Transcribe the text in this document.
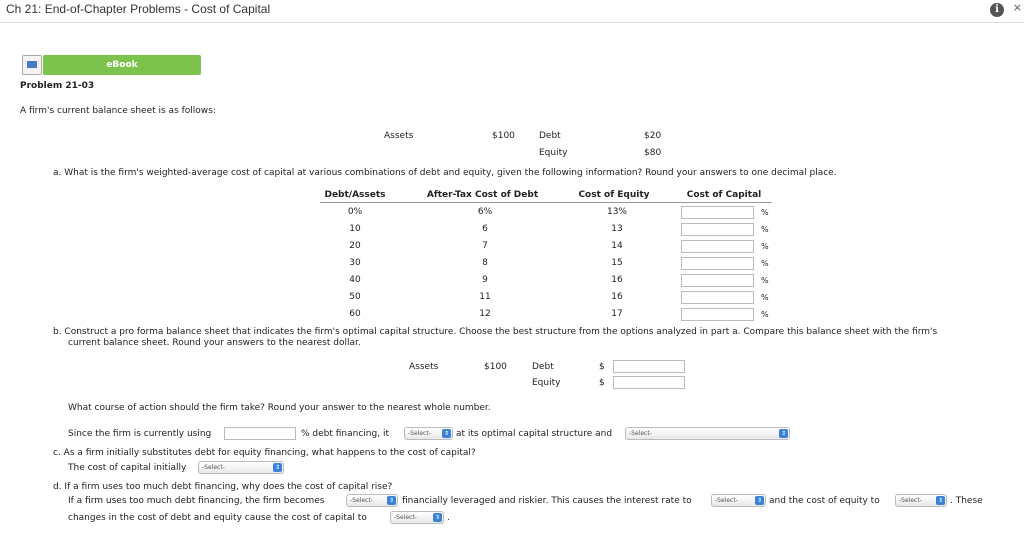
Ch 21: End-of-Chapter Problems - Cost of Capital	i	×
eBook
Problem 21-03
A firm's current balance sheet is as follows:
Assets	$100	Debt	$20
Equity	$80
a. What is the firm's weighted-average cost of capital at various combinations of debt and equity, given the following information? Round your answers to one decimal place.
Debt/Assets	After-Tax Cost of Debt	Cost of Equity	Cost of Capital
0%	6%	13%	%
10	6	13	%
20	7	14	%
30	8	15	%
40	9	16	%
50	11	16	%
60	12	17	%
b. Construct a pro forma balance sheet that indicates the firm's optimal capital structure. Choose the best structure from the options analyzed in part a. Compare this balance sheet with the firm's
current balance sheet. Round your answers to the nearest dollar.
Assets	$100	Debt	$
Equity	$
What course of action should the firm take? Round your answer to the nearest whole number.
Since the firm is currently using	% debt financing, it	-Select-	⇕ at its optimal capital structure and	-Select-	⇕
c. As a firm initially substitutes debt for equity financing, what happens to the cost of capital?
The cost of capital initially	-Select-	⇕
d. If a firm uses too much debt financing, why does the cost of capital rise?
If a firm uses too much debt financing, the firm becomes	-Select-	⇕ financially leveraged and riskier. This causes the interest rate to	-Select-	⇕ and the cost of equity to	-Select-	⇕ . These
changes in the cost of debt and equity cause the cost of capital to	-Select-	⇕ .
